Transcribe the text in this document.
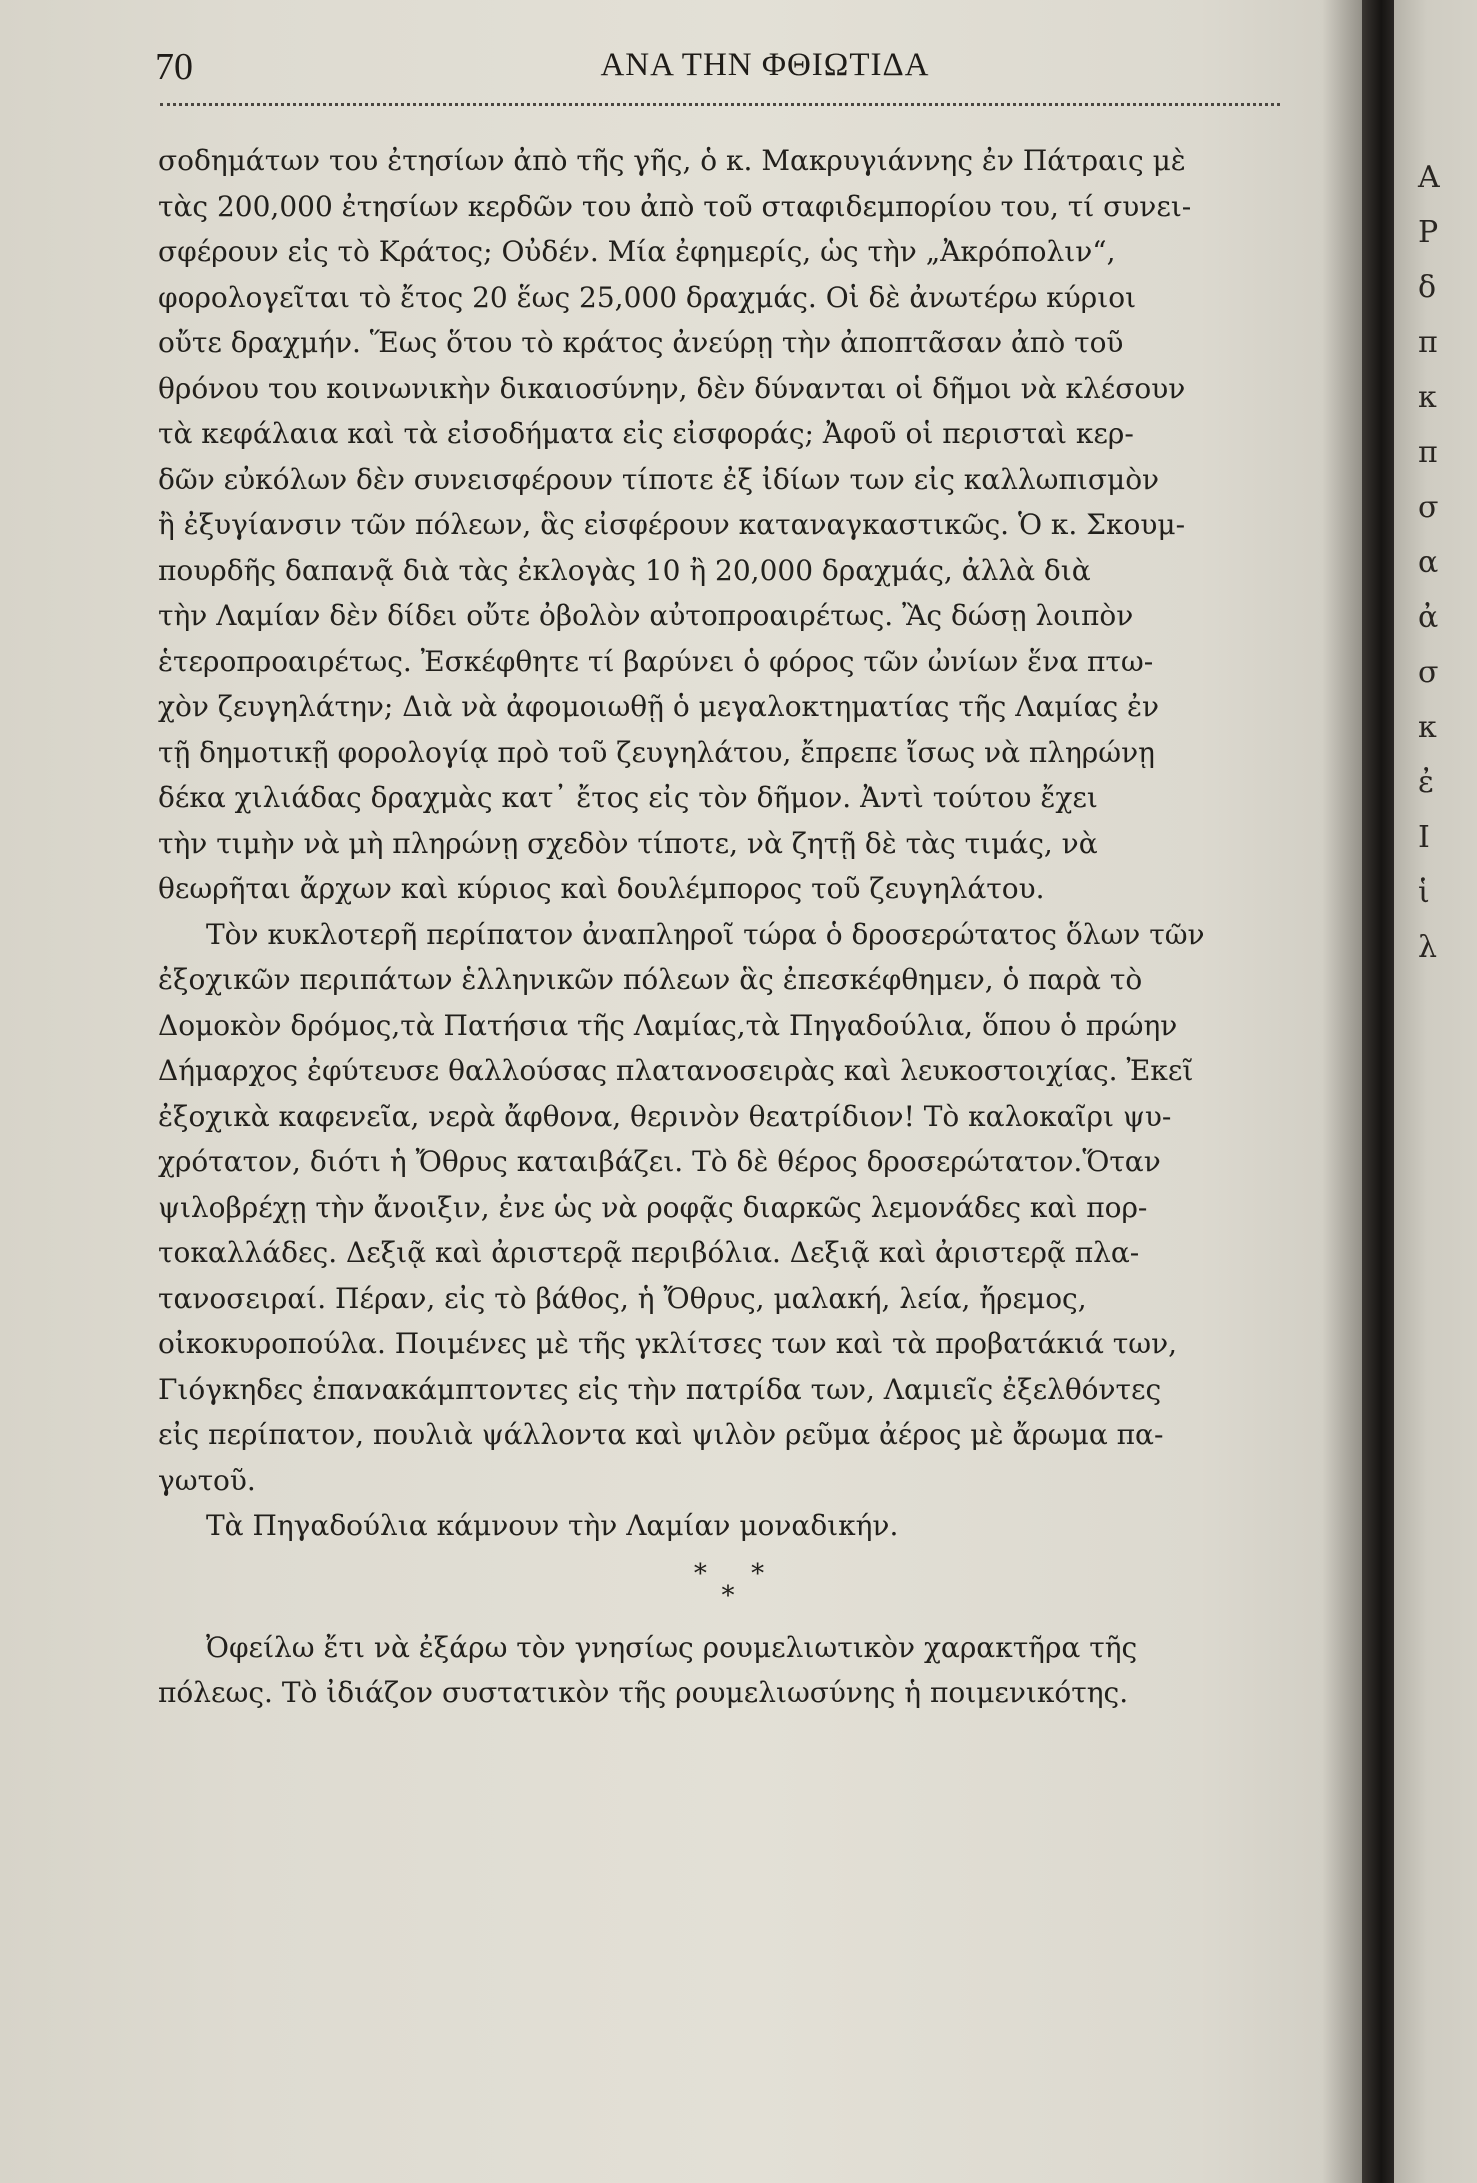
70	ΑΝΑ ΤΗΝ ΦΘΙΩΤΙΔΑ
σοδημάτων του ἐτησίων ἀπὸ τῆς γῆς, ὁ κ. Μακρυγιάννης ἐν Πάτραις μὲ
τὰς 200,000 ἐτησίων κερδῶν του ἀπὸ τοῦ σταφιδεμπορίου του, τί συνει-
σφέρουν εἰς τὸ Κράτος; Οὐδέν. Μία ἐφημερίς, ὡς τὴν „Ἀκρόπολιν“,
φορολογεῖται τὸ ἔτος 20 ἕως 25,000 δραχμάς. Οἱ δὲ ἀνωτέρω κύριοι
οὔτε δραχμήν. Ἕως ὅτου τὸ κράτος ἀνεύρῃ τὴν ἀποπτᾶσαν ἀπὸ τοῦ
θρόνου του κοινωνικὴν δικαιοσύνην, δὲν δύνανται οἱ δῆμοι νὰ κλέσουν
τὰ κεφάλαια καὶ τὰ εἰσοδήματα εἰς εἰσφοράς; Ἀφοῦ οἱ περισταὶ κερ-
δῶν εὐκόλων δὲν συνεισφέρουν τίποτε ἐξ ἰδίων των εἰς καλλωπισμὸν
ἢ ἐξυγίανσιν τῶν πόλεων, ἃς εἰσφέρουν καταναγκαστικῶς. Ὁ κ. Σκουμ-
πουρδῆς δαπανᾷ διὰ τὰς ἐκλογὰς 10 ἢ 20,000 δραχμάς, ἀλλὰ διὰ
τὴν Λαμίαν δὲν δίδει οὔτε ὀβολὸν αὐτοπροαιρέτως. Ἂς δώσῃ λοιπὸν
ἑτεροπροαιρέτως. Ἐσκέφθητε τί βαρύνει ὁ φόρος τῶν ὠνίων ἕνα πτω-
χὸν ζευγηλάτην; Διὰ νὰ ἀφομοιωθῇ ὁ μεγαλοκτηματίας τῆς Λαμίας ἐν
τῇ δημοτικῇ φορολογίᾳ πρὸ τοῦ ζευγηλάτου, ἔπρεπε ἴσως νὰ πληρώνῃ
δέκα χιλιάδας δραχμὰς κατ᾽ ἔτος εἰς τὸν δῆμον. Ἀντὶ τούτου ἔχει
τὴν τιμὴν νὰ μὴ πληρώνῃ σχεδὸν τίποτε, νὰ ζητῇ δὲ τὰς τιμάς, νὰ
θεωρῆται ἄρχων καὶ κύριος καὶ δουλέμπορος τοῦ ζευγηλάτου.
Τὸν κυκλοτερῆ περίπατον ἀναπληροῖ τώρα ὁ δροσερώτατος ὅλων τῶν
ἐξοχικῶν περιπάτων ἑλληνικῶν πόλεων ἃς ἐπεσκέφθημεν, ὁ παρὰ τὸ
Δομοκὸν δρόμος,τὰ Πατήσια τῆς Λαμίας,τὰ Πηγαδούλια, ὅπου ὁ πρώην
Δήμαρχος ἐφύτευσε θαλλούσας πλατανοσειρὰς καὶ λευκοστοιχίας. Ἐκεῖ
ἐξοχικὰ καφενεῖα, νερὰ ἄφθονα, θερινὸν θεατρίδιον! Τὸ καλοκαῖρι ψυ-
χρότατον, διότι ἡ Ὄθρυς καταιβάζει. Τὸ δὲ θέρος δροσερώτατον.Ὅταν
ψιλοβρέχῃ τὴν ἄνοιξιν, ἐνε ὡς νὰ ροφᾷς διαρκῶς λεμονάδες καὶ πορ-
τοκαλλάδες. Δεξιᾷ καὶ ἀριστερᾷ περιβόλια. Δεξιᾷ καὶ ἀριστερᾷ πλα-
τανοσειραί. Πέραν, εἰς τὸ βάθος, ἡ Ὄθρυς, μαλακή, λεία, ἤρεμος,
οἰκοκυροπούλα. Ποιμένες μὲ τῆς γκλίτσες των καὶ τὰ προβατάκιά των,
Γιόγκηδες ἐπανακάμπτοντες εἰς τὴν πατρίδα των, Λαμιεῖς ἐξελθόντες
εἰς περίπατον, πουλιὰ ψάλλοντα καὶ ψιλὸν ρεῦμα ἀέρος μὲ ἄρωμα πα-
γωτοῦ.
Τὰ Πηγαδούλια κάμνουν τὴν Λαμίαν μοναδικήν.
* *
*
Ὀφείλω ἔτι νὰ ἐξάρω τὸν γνησίως ρουμελιωτικὸν χαρακτῆρα τῆς
πόλεως. Τὸ ἰδιάζον συστατικὸν τῆς ρουμελιωσύνης ἡ ποιμενικότης.
Α
Ρ
δ
π
κ
π
σ
α
ἀ
σ
κ
ἐ
Ι
ἱ
λ
